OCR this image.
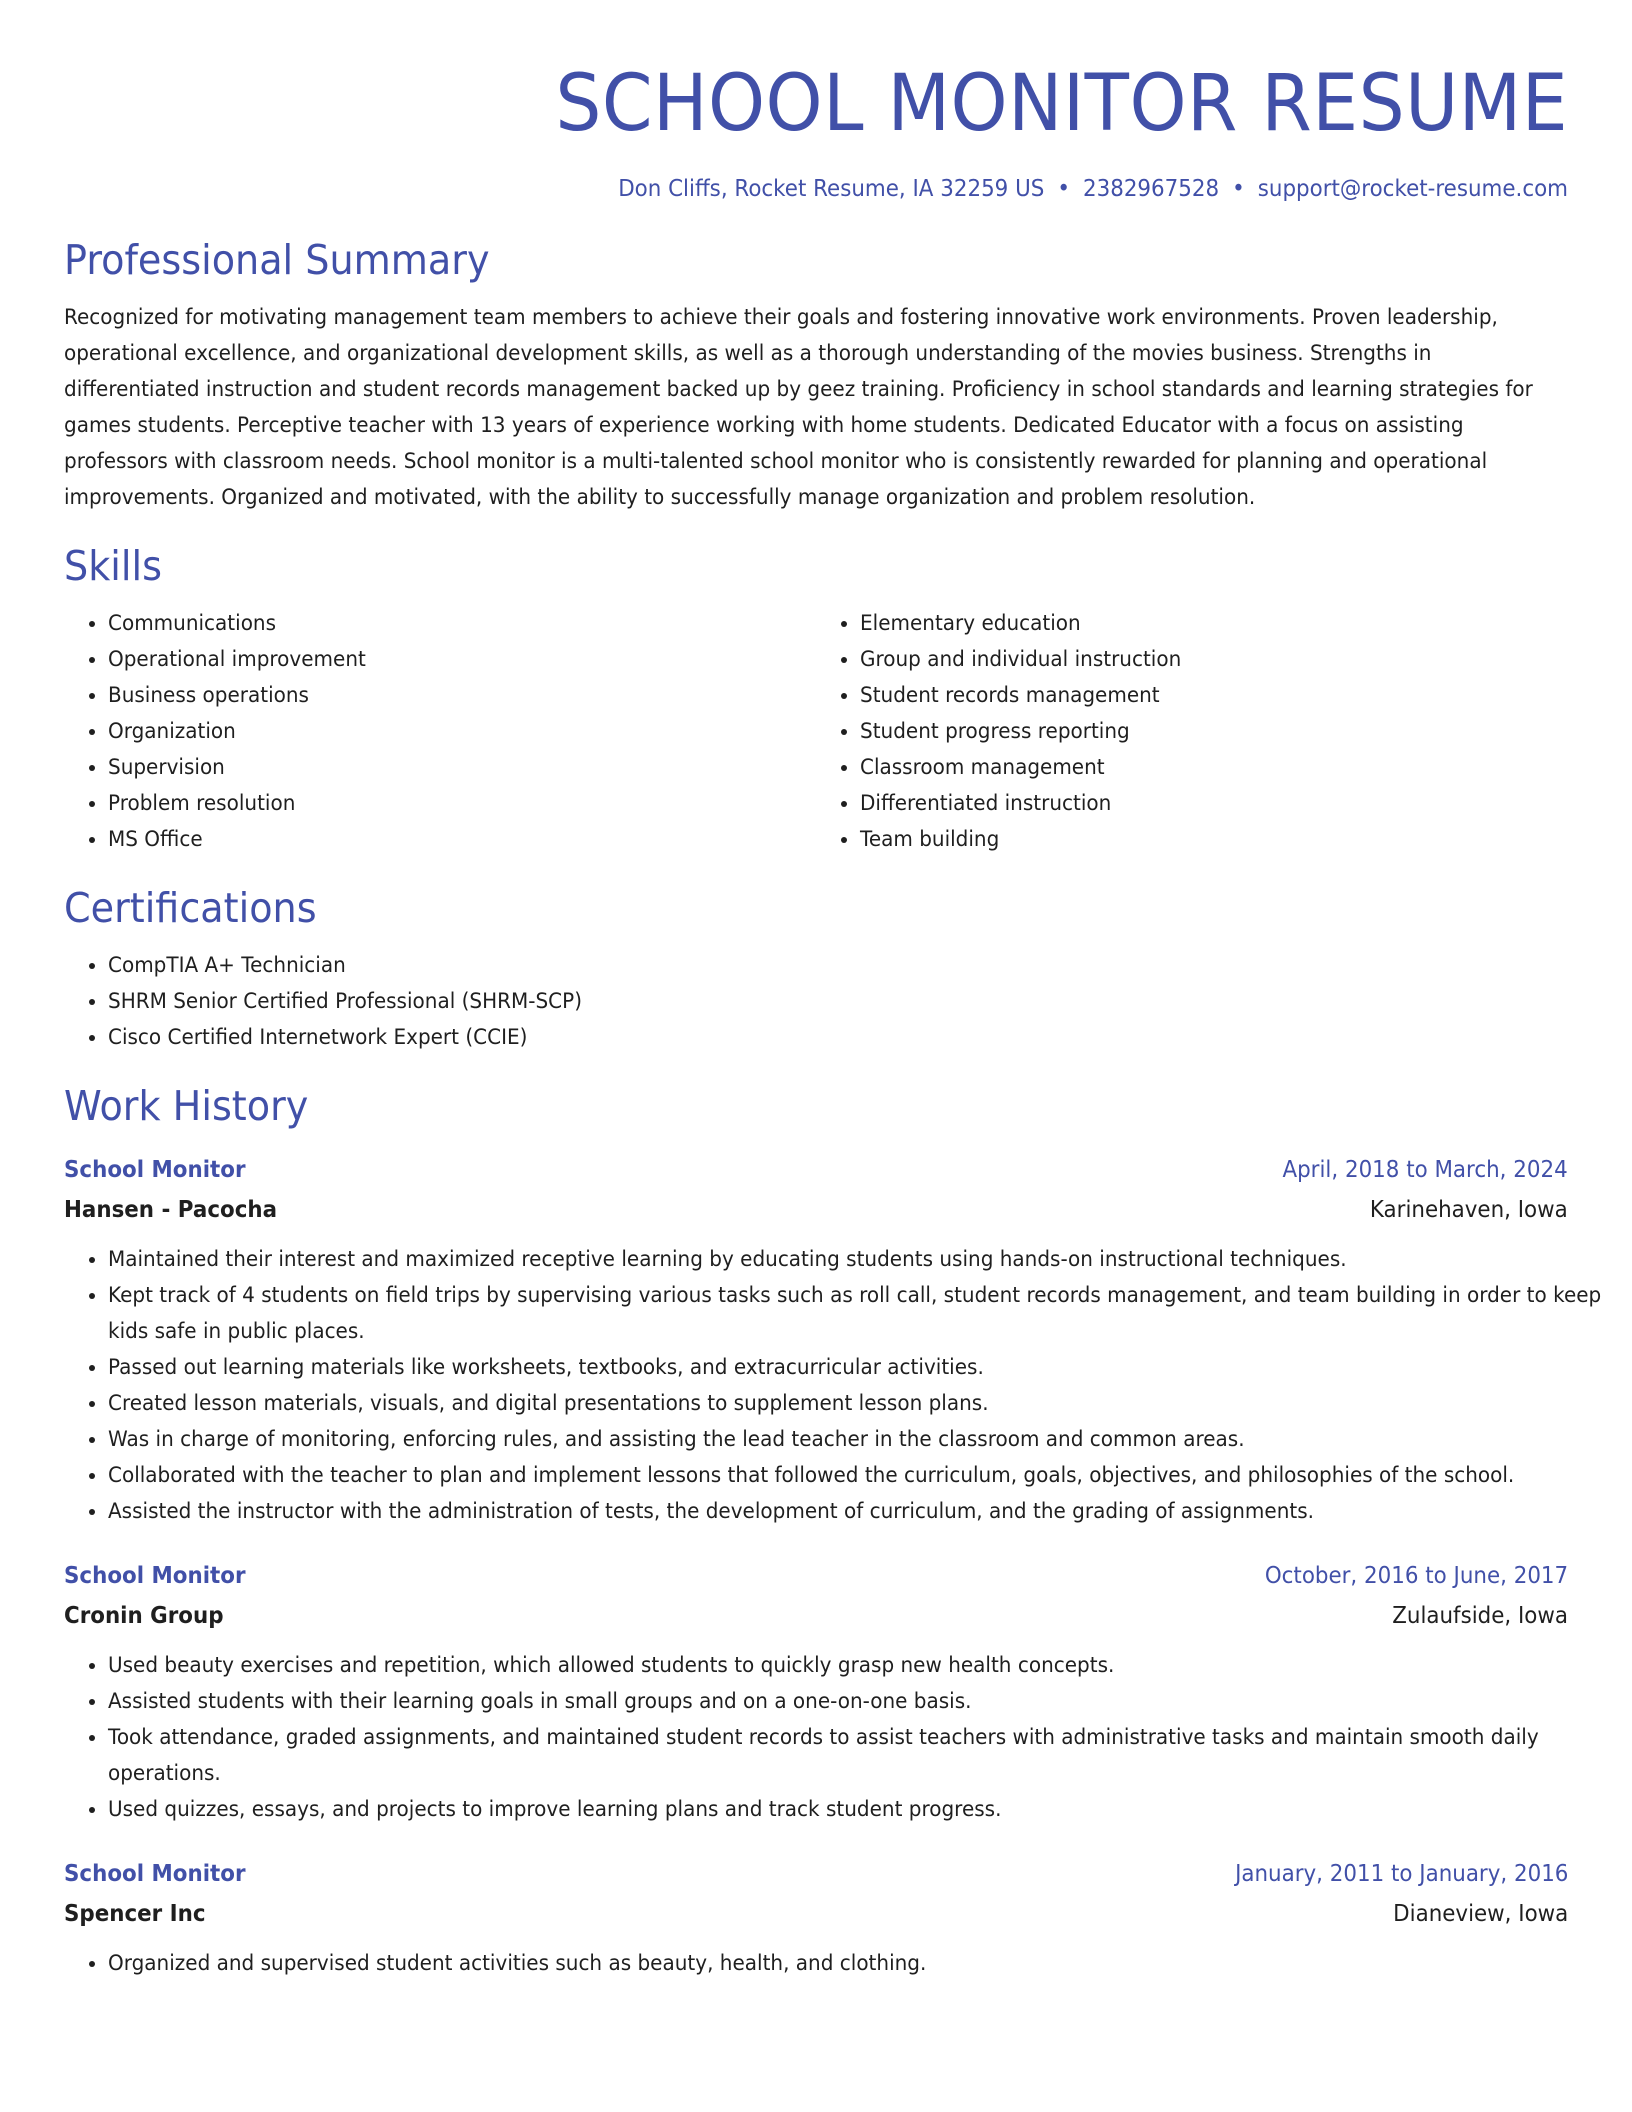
SCHOOL MONITOR RESUME
Don Cliffs, Rocket Resume, IA 32259 US • 2382967528 • support@rocket-resume.com
Professional Summary

Recognized for motivating management team members to achieve their goals and fostering innovative work environments. Proven leadership, operational excellence, and organizational development skills, as well as a thorough understanding of the movies business. Strengths in differentiated instruction and student records management backed up by geez training. Proficiency in school standards and learning strategies for games students. Perceptive teacher with 13 years of experience working with home students. Dedicated Educator with a focus on assisting professors with classroom needs. School monitor is a multi-talented school monitor who is consistently rewarded for planning and operational improvements. Organized and motivated, with the ability to successfully manage organization and problem resolution.

Skills
• Communications
• Operational improvement
• Business operations
• Organization
• Supervision
• Problem resolution
• MS Office
• Elementary education
• Group and individual instruction
• Student records management
• Student progress reporting
• Classroom management
• Differentiated instruction
• Team building
Certifications
• CompTIA A+ Technician
• SHRM Senior Certified Professional (SHRM-SCP)
• Cisco Certified Internetwork Expert (CCIE)
Work History
School Monitor	April, 2018 to March, 2024
Hansen - Pacocha	Karinehaven, Iowa
• Maintained their interest and maximized receptive learning by educating students using hands-on instructional techniques.
• Kept track of 4 students on field trips by supervising various tasks such as roll call, student records management, and team building in order to keep kids safe in public places.
• Passed out learning materials like worksheets, textbooks, and extracurricular activities.
• Created lesson materials, visuals, and digital presentations to supplement lesson plans.
• Was in charge of monitoring, enforcing rules, and assisting the lead teacher in the classroom and common areas.
• Collaborated with the teacher to plan and implement lessons that followed the curriculum, goals, objectives, and philosophies of the school.
• Assisted the instructor with the administration of tests, the development of curriculum, and the grading of assignments.
School Monitor	October, 2016 to June, 2017
Cronin Group	Zulaufside, Iowa
• Used beauty exercises and repetition, which allowed students to quickly grasp new health concepts.
• Assisted students with their learning goals in small groups and on a one-on-one basis.
• Took attendance, graded assignments, and maintained student records to assist teachers with administrative tasks and maintain smooth daily operations.
• Used quizzes, essays, and projects to improve learning plans and track student progress.
School Monitor	January, 2011 to January, 2016
Spencer Inc	Dianeview, Iowa
• Organized and supervised student activities such as beauty, health, and clothing.
